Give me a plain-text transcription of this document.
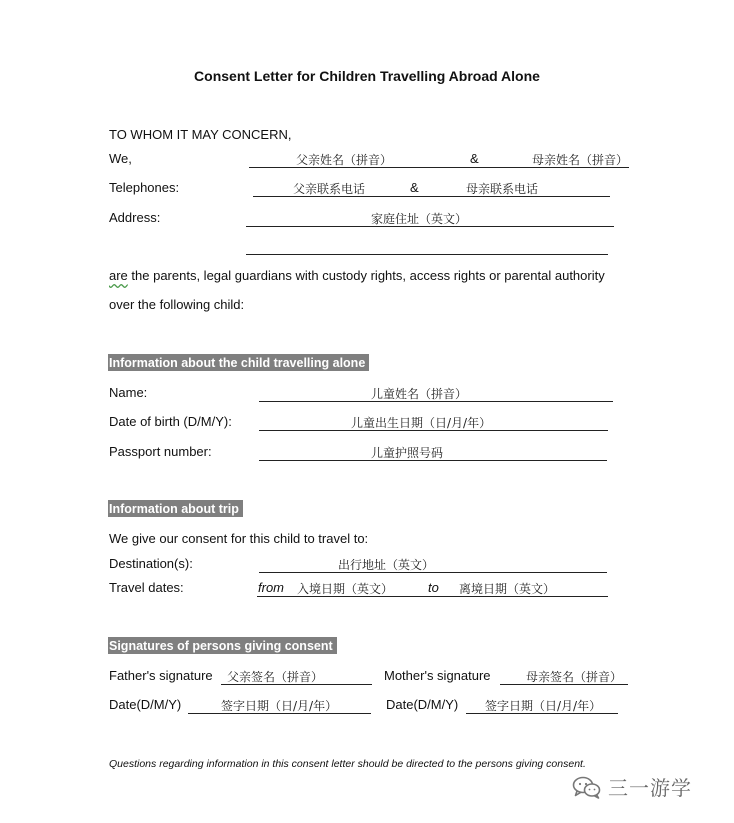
Consent Letter for Children Travelling Abroad Alone
TO WHOM IT MAY CONCERN,
We,	父亲姓名（拼音）	&	母亲姓名（拼音）
Telephones:	父亲联系电话	&	母亲联系电话
Address:	家庭住址（英文）
are the parents, legal guardians with custody rights, access rights or parental authority
over the following child:
Information about the child travelling alone
Name:	儿童姓名（拼音）
Date of birth (D/M/Y):	儿童出生日期（日/月/年）
Passport number:	儿童护照号码
Information about trip
We give our consent for this child to travel to:
Destination(s):	出行地址（英文）
Travel dates:	from 入境日期（英文）	to 离境日期（英文）
Signatures of persons giving consent
Father's signature 父亲签名（拼音）	Mother's signature	母亲签名（拼音）
Date(D/M/Y)	签字日期（日/月/年）	Date(D/M/Y) 签字日期（日/月/年）
Questions regarding information in this consent letter should be directed to the persons giving consent.
三一游学
